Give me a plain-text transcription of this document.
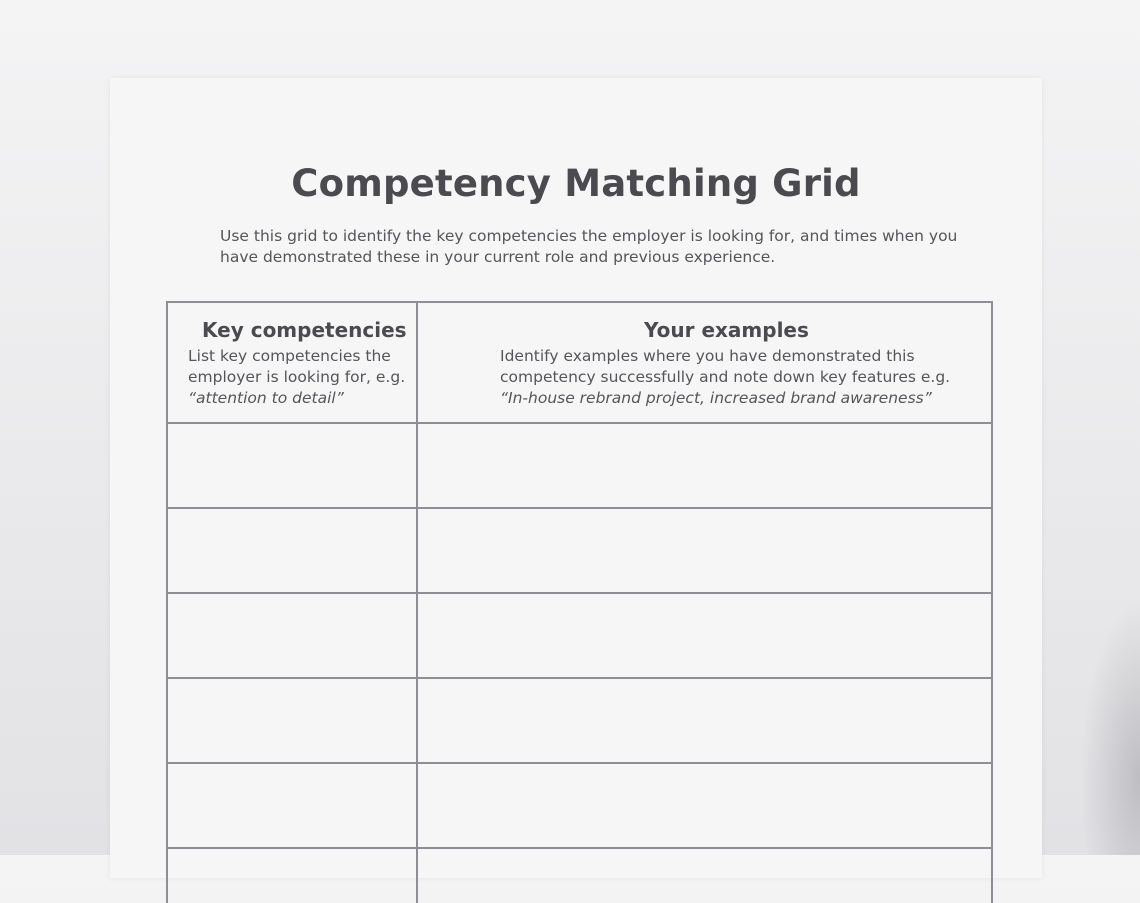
Competency Matching Grid
Use this grid to identify the key competencies the employer is looking for, and times when you
have demonstrated these in your current role and previous experience.
Key competencies
List key competencies the
employer is looking for, e.g.
“attention to detail”
Your examples
Identify examples where you have demonstrated this
competency successfully and note down key features e.g.
“In-house rebrand project, increased brand awareness”
